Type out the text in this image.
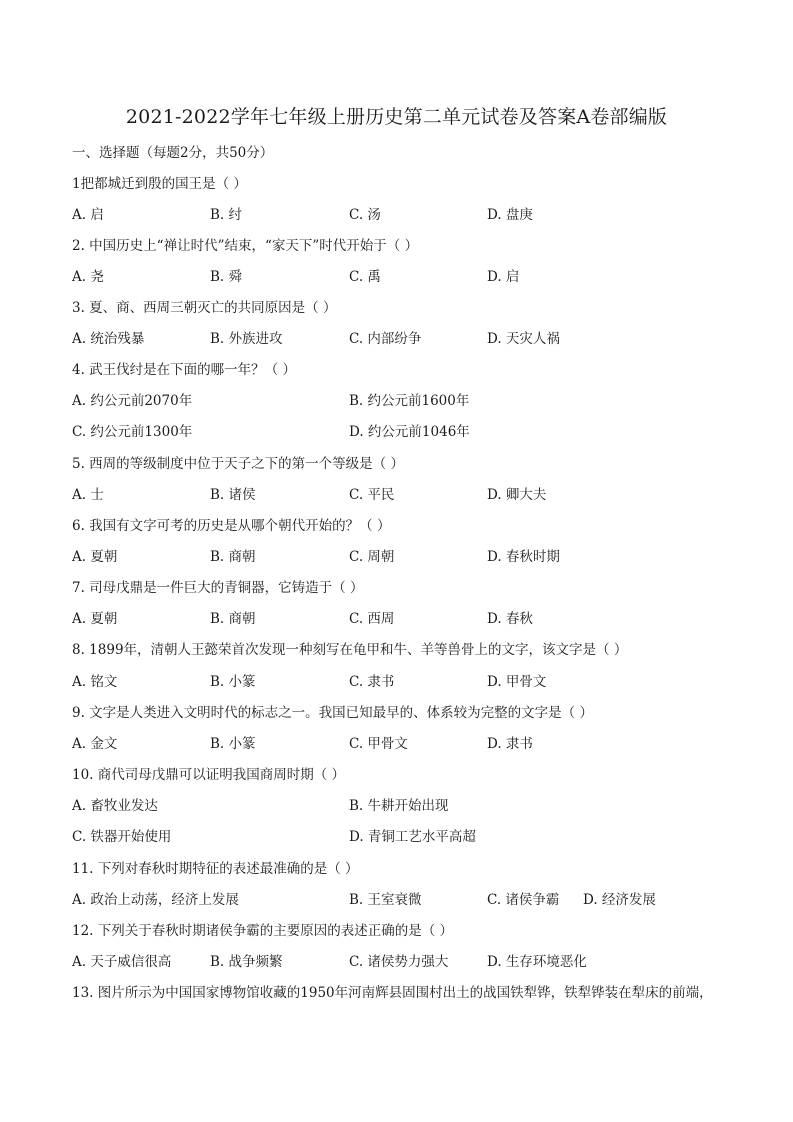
2021-2022学年七年级上册历史第二单元试卷及答案A卷部编版
一、选择题（每题2分，共50分）
1把都城迁到殷的国王是（ ）
A. 启	B. 纣	C. 汤	D. 盘庚
2. 中国历史上“禅让时代”结束，“家天下”时代开始于（ ）
A. 尧	B. 舜	C. 禹	D. 启
3. 夏、商、西周三朝灭亡的共同原因是（ ）
A. 统治残暴	B. 外族进攻	C. 内部纷争	D. 天灾人祸
4. 武王伐纣是在下面的哪一年？（ ）
A. 约公元前2070年	B. 约公元前1600年
C. 约公元前1300年	D. 约公元前1046年
5. 西周的等级制度中位于天子之下的第一个等级是（ ）
A. 士	B. 诸侯	C. 平民	D. 卿大夫
6. 我国有文字可考的历史是从哪个朝代开始的？（ ）
A. 夏朝	B. 商朝	C. 周朝	D. 春秋时期
7. 司母戊鼎是一件巨大的青铜器，它铸造于（ ）
A. 夏朝	B. 商朝	C. 西周	D. 春秋
8. 1899年，清朝人王懿荣首次发现一种刻写在龟甲和牛、羊等兽骨上的文字，该文字是（ ）
A. 铭文	B. 小篆	C. 隶书	D. 甲骨文
9. 文字是人类进入文明时代的标志之一。我国已知最早的、体系较为完整的文字是（ ）
A. 金文	B. 小篆	C. 甲骨文	D. 隶书
10. 商代司母戊鼎可以证明我国商周时期（ ）
A. 畜牧业发达	B. 牛耕开始出现
C. 铁器开始使用	D. 青铜工艺水平高超
11. 下列对春秋时期特征的表述最准确的是（ ）
A. 政治上动荡，经济上发展	B. 王室衰微	C. 诸侯争霸 D. 经济发展
12. 下列关于春秋时期诸侯争霸的主要原因的表述正确的是（ ）
A. 天子威信很高	B. 战争频繁	C. 诸侯势力强大	D. 生存环境恶化
13. 图片所示为中国国家博物馆收藏的1950年河南辉县固围村出土的战国铁犁铧，铁犁铧装在犁床的前端，
